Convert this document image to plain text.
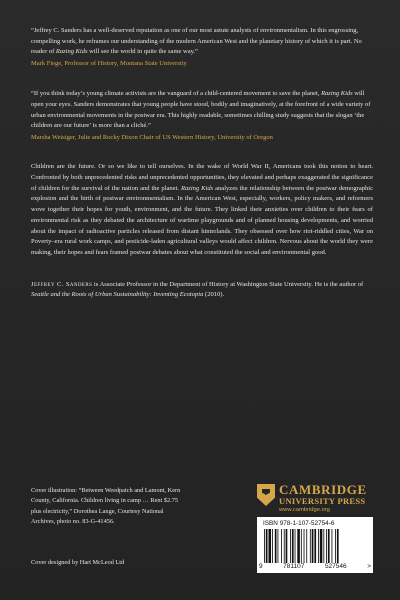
“Jeffrey C. Sanders has a well-deserved reputation as one of our most astute analysts of environmentalism. In this engrossing, compelling work, he reframes our understanding of the modern American West and the planetary history of which it is part. No reader of Razing Kids will see the world in quite the same way.”

Mark Fiege, Professor of History, Montana State University

“If you think today’s young climate activists are the vanguard of a child-centered movement to save the planet, Razing Kids will open your eyes. Sanders demonstrates that young people have stood, bodily and imaginatively, at the forefront of a wide variety of urban environmental movements in the postwar era. This highly readable, sometimes chilling study suggests that the slogan ‘the children are our future’ is more than a cliché.”

Marsha Weisiger, Julie and Rocky Dixon Chair of US Western History, University of Oregon

Children are the future. Or so we like to tell ourselves. In the wake of World War II, Americans took this notion to heart. Confronted by both unprecedented risks and unprecedented opportunities, they elevated and perhaps exaggerated the significance of children for the survival of the nation and the planet. Razing Kids analyzes the relationship between the postwar demographic explosion and the birth of postwar environmentalism. In the American West, especially, workers, policy makers, and reformers wove together their hopes for youth, environment, and the future. They linked their anxieties over children to their fears of environmental risk as they debated the architecture of wartime playgrounds and of planned housing developments, and worried about the impact of radioactive particles released from distant hinterlands. They obsessed over how riot-riddled cities, War on Poverty–era rural work camps, and pesticide-laden agricultural valleys would affect children. Nervous about the world they were making, their hopes and fears framed postwar debates about what constituted the social and environmental good.

Jeffrey C. Sanders is Associate Professor in the Department of History at Washington State University. He is the author of Seattle and the Roots of Urban Sustainability: Inventing Ecotopia (2010).

Cover illustration: “Between Weedpatch and Lamont, Kern County, California. Children living in camp … Rent $2.75 plus electricity,” Dorothea Lange, Courtesy National Archives, photo no. 83-G-41456.
Cover designed by Hart McLeod Ltd
CAMBRIDGE
UNIVERSITY PRESS
www.cambridge.org
ISBN 978-1-107-52754-6
9	781107	527546	>
